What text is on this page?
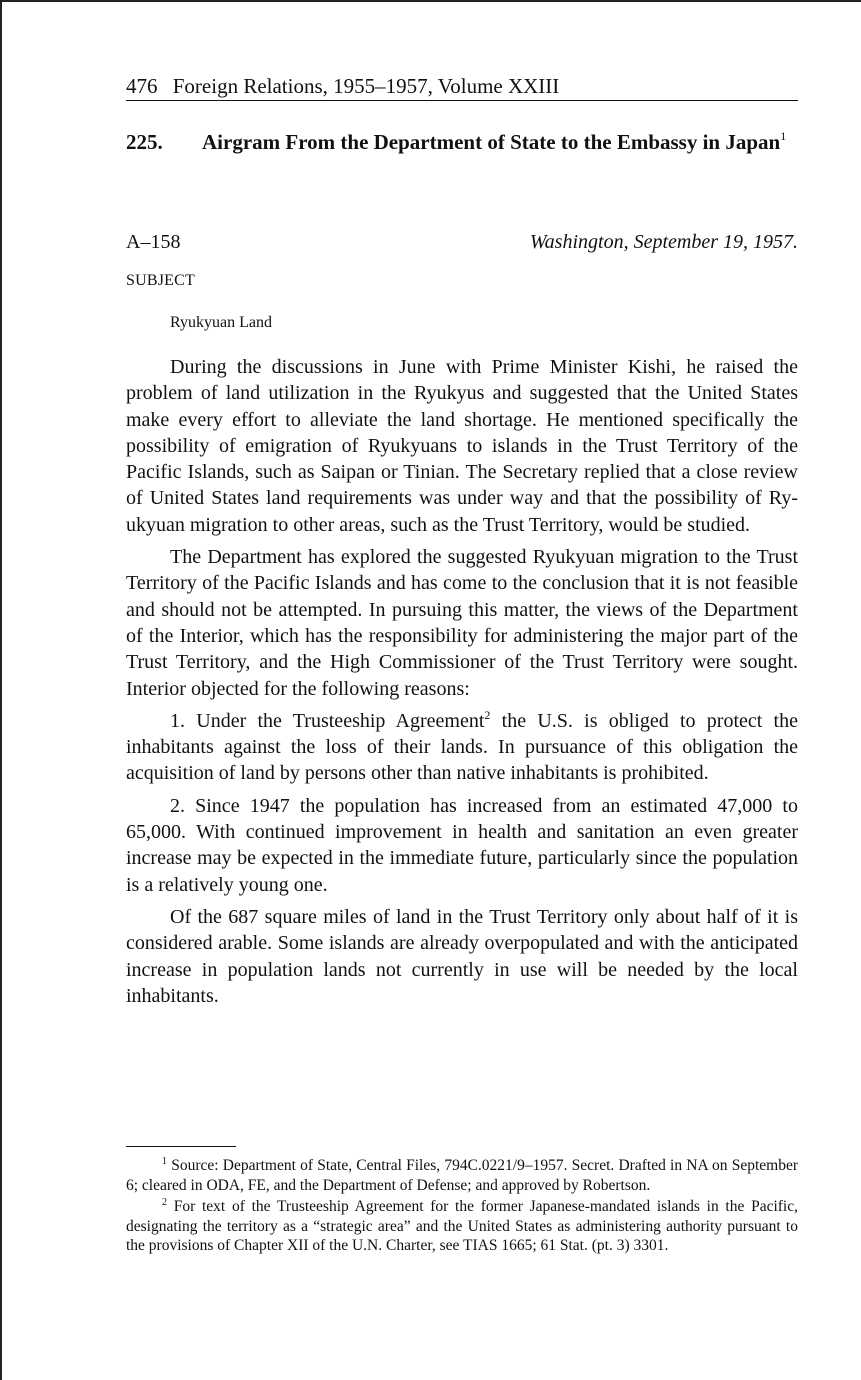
476 Foreign Relations, 1955–1957, Volume XXIII
225. Airgram From the Department of State to the Embassy in Japan$^1$
A–158	Washington, September 19, 1957.
SUBJECT
Ryukyuan Land

During the discussions in June with Prime Minister Kishi, he raised the problem of land utilization in the Ryukyus and suggested that the United States make every effort to alleviate the land shortage. He mentioned specifically the possibility of emigration of Ryukyuans to islands in the Trust Territory of the Pacific Islands, such as Saipan or Tinian. The Secretary replied that a close review of United States land requirements was under way and that the possibility of Ryukyuan migration to other areas, such as the Trust Territory, would be studied.

The Department has explored the suggested Ryukyuan migration to the Trust Territory of the Pacific Islands and has come to the conclusion that it is not feasible and should not be attempted. In pursuing this matter, the views of the Department of the Interior, which has the responsibility for administering the major part of the Trust Territory, and the High Commissioner of the Trust Territory were sought. Interior objected for the following reasons:

1. Under the Trusteeship Agreement$^2$ the U.S. is obliged to protect the inhabitants against the loss of their lands. In pursuance of this obligation the acquisition of land by persons other than native inhabitants is prohibited.

2. Since 1947 the population has increased from an estimated 47,000 to 65,000. With continued improvement in health and sanitation an even greater increase may be expected in the immediate future, particularly since the population is a relatively young one.

Of the 687 square miles of land in the Trust Territory only about half of it is considered arable. Some islands are already overpopulated and with the anticipated increase in population lands not currently in use will be needed by the local inhabitants.

$^1$ Source: Department of State, Central Files, 794C.0221/9–1957. Secret. Drafted in NA on September 6; cleared in ODA, FE, and the Department of Defense; and approved by Robertson.

$^2$ For text of the Trusteeship Agreement for the former Japanese-mandated islands in the Pacific, designating the territory as a “strategic area” and the United States as administering authority pursuant to the provisions of Chapter XII of the U.N. Charter, see TIAS 1665; 61 Stat. (pt. 3) 3301.
